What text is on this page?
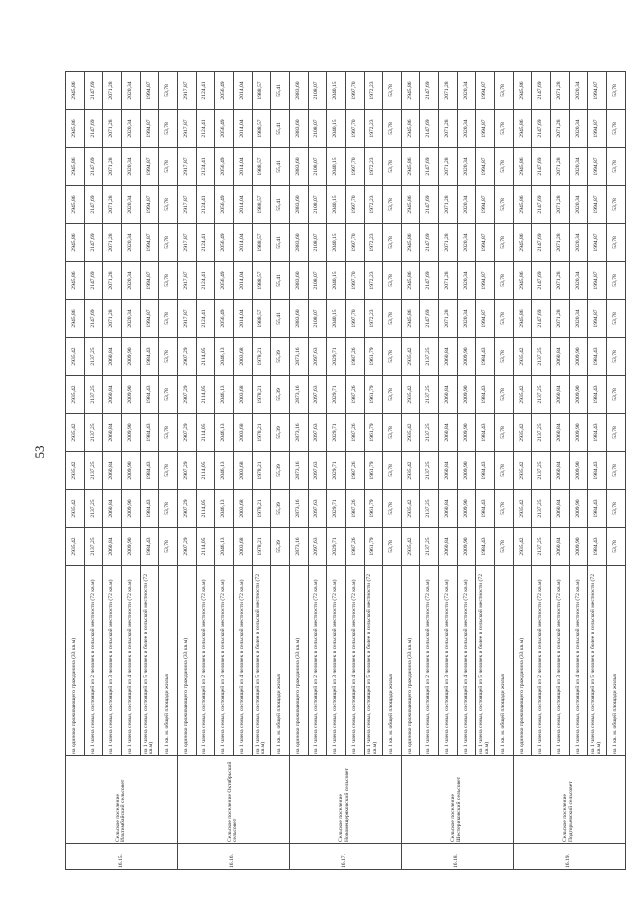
53
16.15.	Сельское поселение Ильтимбайский сельсовет	на одиноко проживающего гражданина (33 кв.м)	2935,42	2935,42	2935,42	2935,42	2935,42	2935,42	2945,86	2945,86	2945,86	2945,86	2945,86	2945,86	2945,86
		на 1 члена семьи, состоящей из 2 человек в сельской местности (72 кв.м)	2137,25	2137,25	2137,25	2137,25	2137,25	2137,25	2147,69	2147,69	2147,69	2147,69	2147,69	2147,69	2147,69
		на 1 члена семьи, состоящей из 3 человек в сельской местности (72 кв.м)	2060,84	2060,84	2060,84	2060,84	2060,84	2060,84	2071,28	2071,28	2071,28	2071,28	2071,28	2071,28	2071,28
		на 1 члена семьи, состоящей из 4 человек в сельской местности (72 кв.м)	2009,90	2009,90	2009,90	2009,90	2009,90	2009,90	2020,34	2020,34	2020,34	2020,34	2020,34	2020,34	2020,34
		на 1 члена семьи, состоящей из 5 человек и более в сельской местности (72 кв.м)	1984,43	1984,43	1984,43	1984,43	1984,43	1984,43	1994,87	1994,87	1994,87	1994,87	1994,87	1994,87	1994,87
		на 1 кв. м. общей площади жилья	53,78	53,78	53,78	53,78	53,78	53,78	53,78	53,78	53,78	53,78	53,78	53,78	53,78
16.16.	Сельское поселение Октябрьский сельсовет	на одиноко проживающего гражданина (33 кв.м)	2907,29	2907,29	2907,29	2907,29	2907,29	2907,29	2917,87	2917,87	2917,87	2917,87	2917,87	2917,87	2917,87
		на 1 члена семьи, состоящей из 2 человек в сельской местности (72 кв.м)	2114,05	2114,05	2114,05	2114,05	2114,05	2114,05	2124,41	2124,41	2124,41	2124,41	2124,41	2124,41	2124,41
		на 1 члена семьи, состоящей из 3 человек в сельской местности (72 кв.м)	2046,13	2046,13	2046,13	2046,13	2046,13	2046,13	2056,49	2056,49	2056,49	2056,49	2056,49	2056,49	2056,49
		на 1 члена семьи, состоящей из 4 человек в сельской местности (72 кв.м)	2003,68	2003,68	2003,68	2003,68	2003,68	2003,68	2014,04	2014,04	2014,04	2014,04	2014,04	2014,04	2014,04
		на 1 члена семьи, состоящей из 5 человек и более в сельской местности (72 кв.м)	1978,21	1978,21	1978,21	1978,21	1978,21	1978,21	1988,57	1988,57	1988,57	1988,57	1988,57	1988,57	1988,57
		на 1 кв. м. общей площади жилья	55,39	55,39	55,39	55,39	55,39	55,39	55,41	55,41	55,41	55,41	55,41	55,41	55,41
16.17.	Сельское поселение Новомещеряковский сельсовет	на одиноко проживающего гражданина (33 кв.м)	2873,16	2873,16	2873,16	2873,16	2873,16	2873,16	2883,60	2883,60	2883,60	2883,60	2883,60	2883,60	2883,60
		на 1 члена семьи, состоящей из 2 человек в сельской местности (72 кв.м)	2097,63	2097,63	2097,63	2097,63	2097,63	2097,63	2108,07	2108,07	2108,07	2108,07	2108,07	2108,07	2108,07
		на 1 члена семьи, состоящей из 3 человек в сельской местности (72 кв.м)	2029,71	2029,71	2029,71	2029,71	2029,71	2029,71	2040,15	2040,15	2040,15	2040,15	2040,15	2040,15	2040,15
		на 1 члена семьи, состоящей из 4 человек в сельской местности (72 кв.м)	1987,26	1987,26	1987,26	1987,26	1987,26	1987,26	1997,70	1997,70	1997,70	1997,70	1997,70	1997,70	1997,70
		на 1 члена семьи, состоящей из 5 человек и более в сельской местности (72 кв.м)	1961,79	1961,79	1961,79	1961,79	1961,79	1961,79	1972,23	1972,23	1972,23	1972,23	1972,23	1972,23	1972,23
		на 1 кв. м. общей площади жилья	53,78	53,78	53,78	53,78	53,78	53,78	53,78	53,78	53,78	53,78	53,78	53,78	53,78
16.18.	Сельское поселение Шестериковский сельсовет	на одиноко проживающего гражданина (33 кв.м)	2935,42	2935,42	2935,42	2935,42	2935,42	2935,42	2945,86	2945,86	2945,86	2945,86	2945,86	2945,86	2945,86
		на 1 члена семьи, состоящей из 2 человек в сельской местности (72 кв.м)	2137,25	2137,25	2137,25	2137,25	2137,25	2137,25	2147,69	2147,69	2147,69	2147,69	2147,69	2147,69	2147,69
		на 1 члена семьи, состоящей из 3 человек в сельской местности (72 кв.м)	2060,84	2060,84	2060,84	2060,84	2060,84	2060,84	2071,28	2071,28	2071,28	2071,28	2071,28	2071,28	2071,28
		на 1 члена семьи, состоящей из 4 человек в сельской местности (72 кв.м)	2009,90	2009,90	2009,90	2009,90	2009,90	2009,90	2020,34	2020,34	2020,34	2020,34	2020,34	2020,34	2020,34
		на 1 члена семьи, состоящей из 5 человек и более в сельской местности (72 кв.м)	1984,43	1984,43	1984,43	1984,43	1984,43	1984,43	1994,87	1994,87	1994,87	1994,87	1994,87	1994,87	1994,87
		на 1 кв. м. общей площади жилья	53,78	53,78	53,78	53,78	53,78	53,78	53,78	53,78	53,78	53,78	53,78	53,78	53,78
16.19.	Сельское поселение Подгорьевский сельсовет	на одиноко проживающего гражданина (33 кв.м)	2935,42	2935,42	2935,42	2935,42	2935,42	2935,42	2945,86	2945,86	2945,86	2945,86	2945,86	2945,86	2945,86
		на 1 члена семьи, состоящей из 2 человек в сельской местности (72 кв.м)	2137,25	2137,25	2137,25	2137,25	2137,25	2137,25	2147,69	2147,69	2147,69	2147,69	2147,69	2147,69	2147,69
		на 1 члена семьи, состоящей из 3 человек в сельской местности (72 кв.м)	2060,84	2060,84	2060,84	2060,84	2060,84	2060,84	2071,28	2071,28	2071,28	2071,28	2071,28	2071,28	2071,28
		на 1 члена семьи, состоящей из 4 человек в сельской местности (72 кв.м)	2009,90	2009,90	2009,90	2009,90	2009,90	2009,90	2020,34	2020,34	2020,34	2020,34	2020,34	2020,34	2020,34
		на 1 члена семьи, состоящей из 5 человек и более в сельской местности (72 кв.м)	1984,43	1984,43	1984,43	1984,43	1984,43	1984,43	1994,87	1994,87	1994,87	1994,87	1994,87	1994,87	1994,87
		на 1 кв. м. общей площади жилья	53,78	53,78	53,78	53,78	53,78	53,78	53,78	53,78	53,78	53,78	53,78	53,78	53,78
